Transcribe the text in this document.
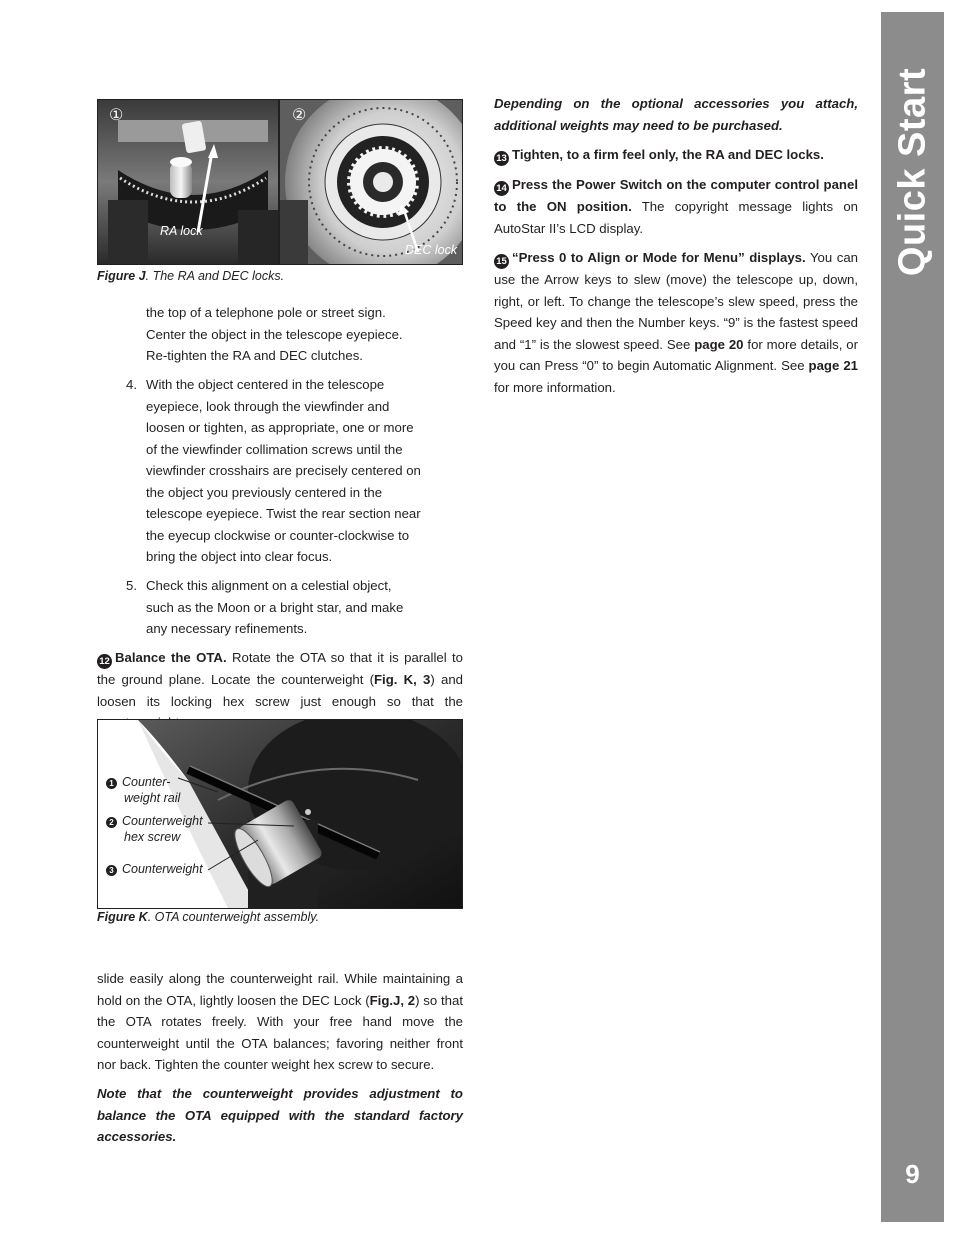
Quick Start
9
①	②
RA lock
DEC lock
Figure J. The RA and DEC locks.

the top of a telephone pole or street sign. Center the object in the telescope eyepiece. Re-tighten the RA and DEC clutches.

4. With the object centered in the telescope eyepiece, look through the viewfinder and loosen or tighten, as appropriate, one or more of the viewfinder collimation screws until the viewfinder crosshairs are precisely centered on the object you previously centered in the telescope eyepiece. Twist the rear section near the eyecup clockwise or counter-clockwise to bring the object into clear focus.
5. Check this alignment on a celestial object, such as the Moon or a bright star, and make any necessary refinements.

12 Balance the OTA. Rotate the OTA so that it is parallel to the ground plane. Locate the counterweight (Fig. K, 3) and loosen its locking hex screw just enough so that the

1 Counter-
weight rail
2 Counterweight
hex screw
3 Counterweight
Figure K. OTA counterweight assembly.

slide easily along the counterweight rail. While maintaining a hold on the OTA, lightly loosen the DEC Lock (Fig.J, 2) so that the OTA rotates freely. With your free hand move the counterweight until the OTA balances; favoring neither front nor back. Tighten the counter weight hex screw to secure.

Note that the counterweight provides adjustment to balance the OTA equipped with the standard factory accessories.

Depending on the optional accessories you attach, additional weights may need to be purchased.

13 Tighten, to a firm feel only, the RA and DEC locks.

14 Press the Power Switch on the computer control panel to the ON position. The copyright message lights on AutoStar II’s LCD display.

15 “Press 0 to Align or Mode for Menu” displays. You can use the Arrow keys to slew (move) the telescope up, down, right, or left. To change the telescope’s slew speed, press the Speed key and then the Number keys. “9” is the fastest speed and “1” is the slowest speed. See page 20 for more details, or you can Press “0” to begin Automatic Alignment. See page 21 for more information.
